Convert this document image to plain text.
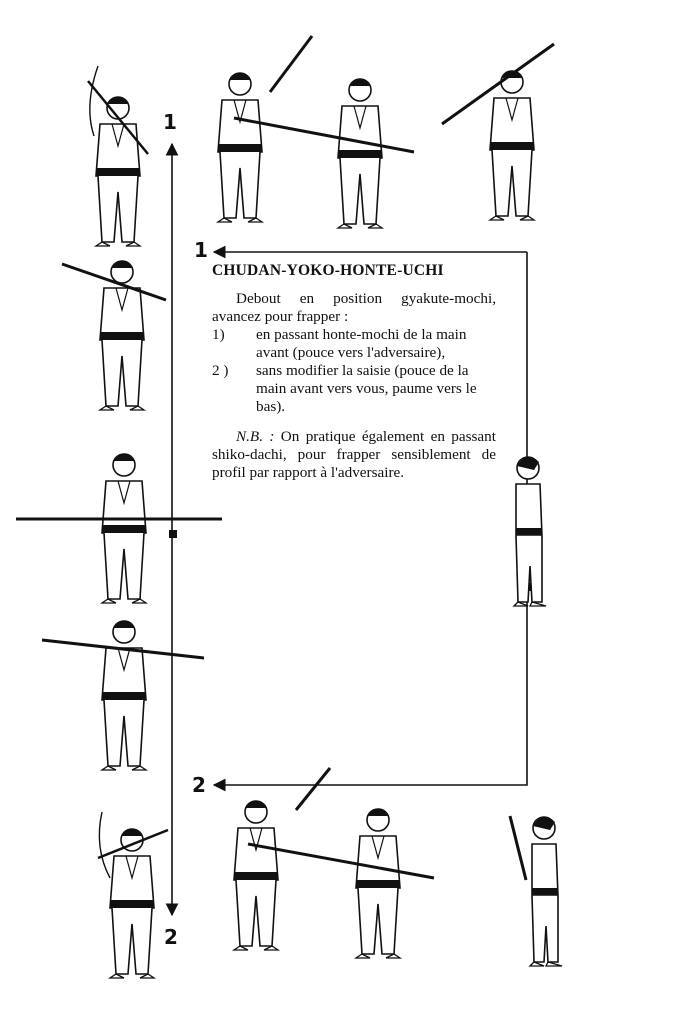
1
1
2
2
CHUDAN-YOKO-HONTE-UCHI

Debout en position gyakute-mochi, avancez pour frapper :

1)	en passant honte-mochi de la main avant (pouce vers l'adversaire),
2 )	sans modifier la saisie (pouce de la main avant vers vous, paume vers le bas).

N.B. : On pratique également en passant shiko-dachi, pour frapper sensiblement de profil par rapport à l'adversaire.
